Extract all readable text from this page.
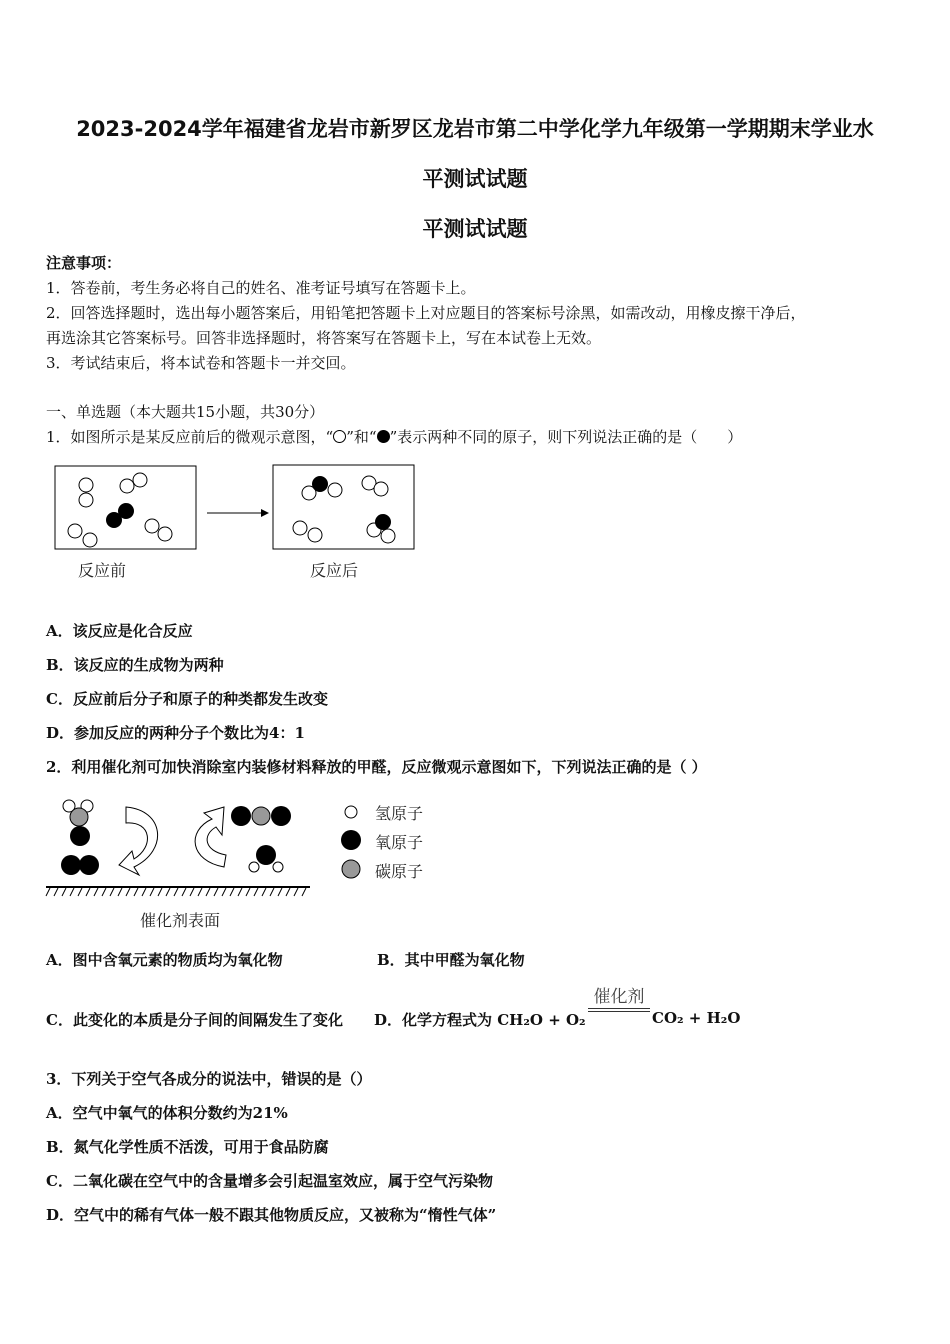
2023-2024学年福建省龙岩市新罗区龙岩市第二中学化学九年级第一学期期末学业水
平测试试题
平测试试题
注意事项：
1．答卷前，考生务必将自己的姓名、准考证号填写在答题卡上。
2．回答选择题时，选出每小题答案后，用铅笔把答题卡上对应题目的答案标号涂黑，如需改动，用橡皮擦干净后，
再选涂其它答案标号。回答非选择题时，将答案写在答题卡上，写在本试卷上无效。
3．考试结束后，将本试卷和答题卡一并交回。
一、单选题（本大题共15小题，共30分）
1．如图所示是某反应前后的微观示意图，“ ”和“ ”表示两种不同的原子，则下列说法正确的是（　　）
反应前	反应后
A．该反应是化合反应
B．该反应的生成物为两种
C．反应前后分子和原子的种类都发生改变
D．参加反应的两种分子个数比为4：1
2．利用催化剂可加快消除室内装修材料释放的甲醛，反应微观示意图如下，下列说法正确的是（ ）
氢原子
氧原子
碳原子
催化剂表面
A．图中含氧元素的物质均为氧化物	B．其中甲醛为氧化物
C．此变化的本质是分子间的间隔发生了变化 D．化学方程式为 CH₂O + O₂
催化剂
CO₂ + H₂O
3．下列关于空气各成分的说法中，错误的是（）
A．空气中氧气的体积分数约为21%
B．氮气化学性质不活泼，可用于食品防腐
C．二氧化碳在空气中的含量增多会引起温室效应，属于空气污染物
D．空气中的稀有气体一般不跟其他物质反应，又被称为“惰性气体”
